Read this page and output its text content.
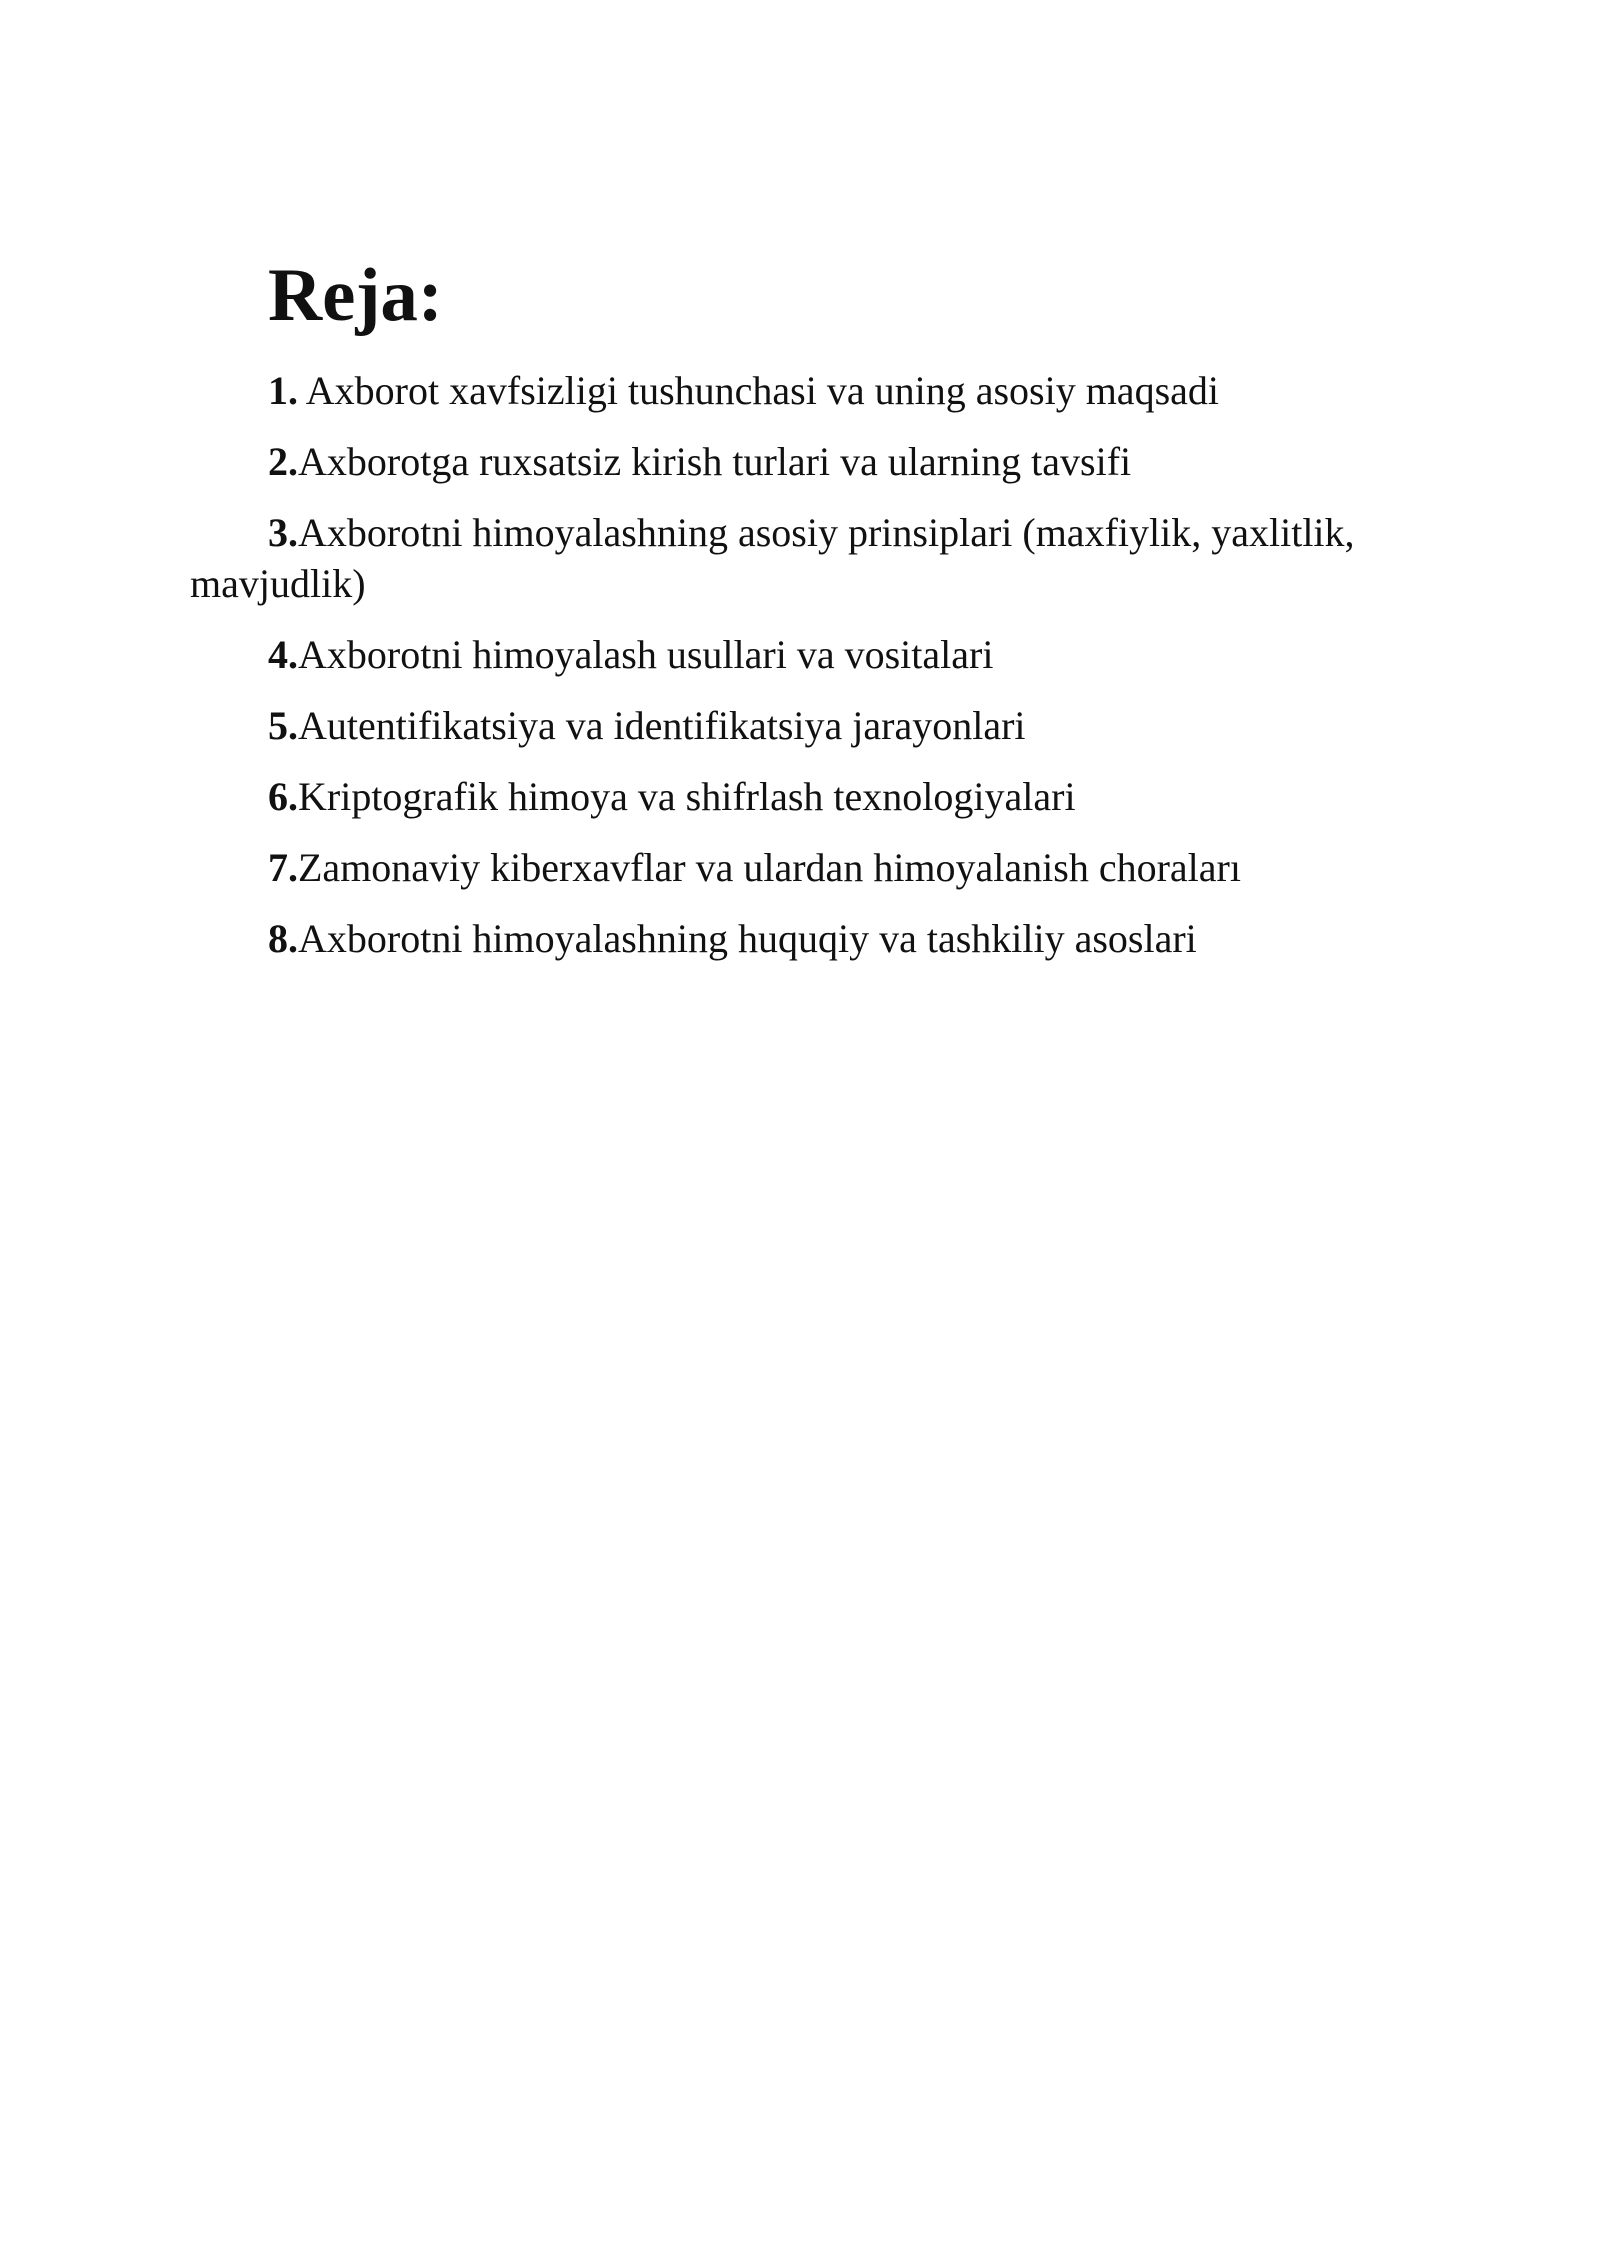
Reja:
1. Axborot xavfsizligi tushunchasi va uning asosiy maqsadi
2.Axborotga ruxsatsiz kirish turlari va ularning tavsifi
3.Axborotni himoyalashning asosiy prinsiplari (maxfiylik, yaxlitlik, mavjudlik)
4.Axborotni himoyalash usullari va vositalari
5.Autentifikatsiya va identifikatsiya jarayonlari
6.Kriptografik himoya va shifrlash texnologiyalari
7.Zamonaviy kiberxavflar va ulardan himoyalanish choraları
8.Axborotni himoyalashning huquqiy va tashkiliy asoslari
